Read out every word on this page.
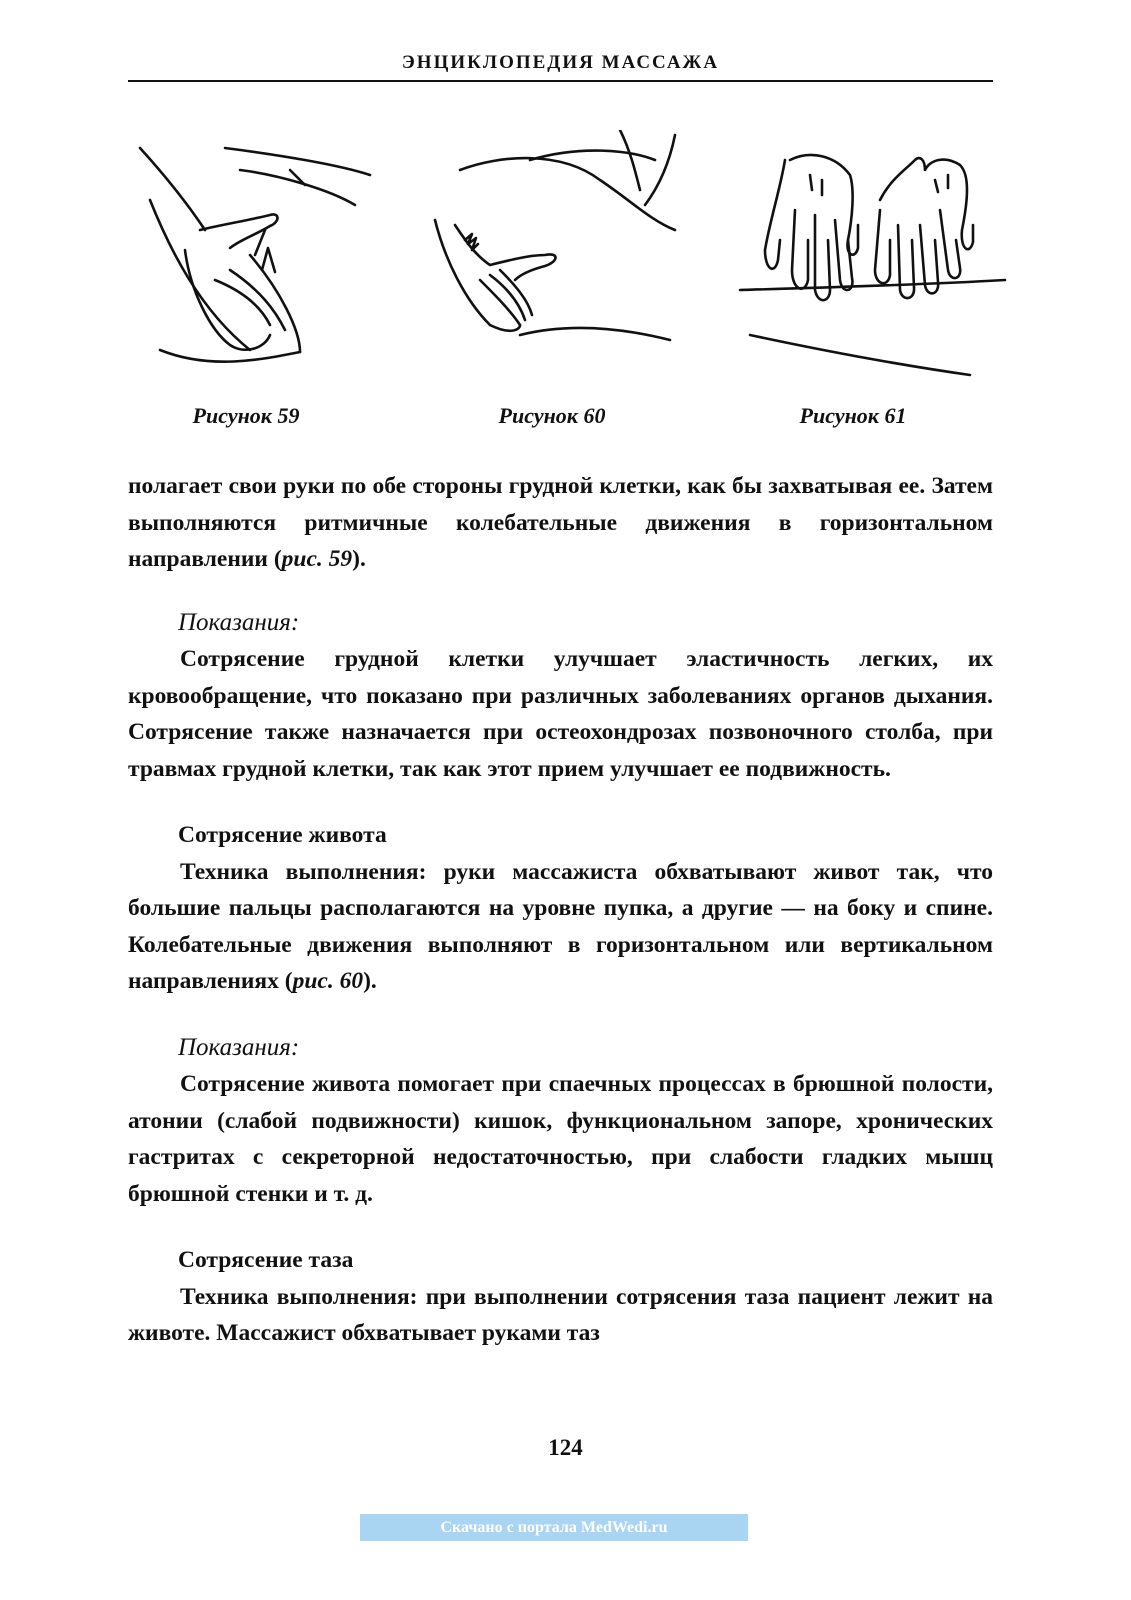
ЭНЦИКЛОПЕДИЯ МАССАЖА
Рисунок 59	Рисунок 60	Рисунок 61

полагает свои руки по обе стороны грудной клетки, как бы захватывая ее. Затем выполняются ритмичные колебательные движения в горизонтальном направлении (рис. 59).

Показания:

Сотрясение грудной клетки улучшает эластичность легких, их кровообращение, что показано при различных заболеваниях органов дыхания. Сотрясение также назначается при остеохондрозах позвоночного столба, при травмах грудной клетки, так как этот прием улучшает ее подвижность.

Сотрясение живота

Техника выполнения: руки массажиста обхватывают живот так, что большие пальцы располагаются на уровне пупка, а другие — на боку и спине. Колебательные движения выполняют в горизонтальном или вертикальном направлениях (рис. 60).

Показания:

Сотрясение живота помогает при спаечных процессах в брюшной полости, атонии (слабой подвижности) кишок, функциональном запоре, хронических гастритах с секреторной недостаточностью, при слабости гладких мышц брюшной стенки и т. д.

Сотрясение таза

Техника выполнения: при выполнении сотрясения таза пациент лежит на животе. Массажист обхватывает руками таз

124
Скачано с портала MedWedi.ru
